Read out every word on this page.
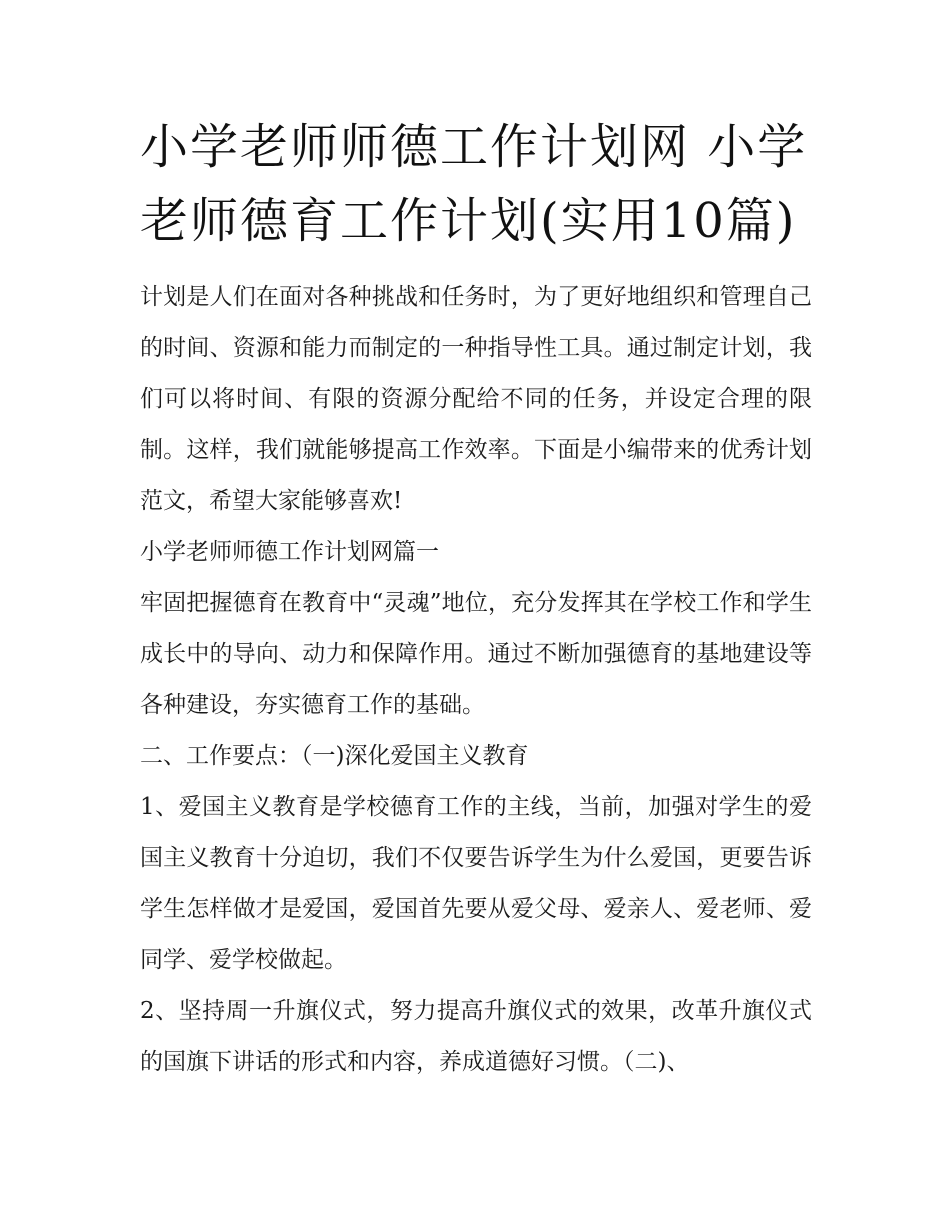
小学老师师德工作计划网 小学老师德育工作计划(实用10篇)

计划是人们在面对各种挑战和任务时，为了更好地组织和管理自己的时间、资源和能力而制定的一种指导性工具。通过制定计划，我们可以将时间、有限的资源分配给不同的任务，并设定合理的限制。这样，我们就能够提高工作效率。下面是小编带来的优秀计划范文，希望大家能够喜欢!

小学老师师德工作计划网篇一

牢固把握德育在教育中“灵魂”地位，充分发挥其在学校工作和学生成长中的导向、动力和保障作用。通过不断加强德育的基地建设等各种建设，夯实德育工作的基础。

二、工作要点：（一)深化爱国主义教育

1、爱国主义教育是学校德育工作的主线，当前，加强对学生的爱国主义教育十分迫切，我们不仅要告诉学生为什么爱国，更要告诉学生怎样做才是爱国，爱国首先要从爱父母、爱亲人、爱老师、爱同学、爱学校做起。

2、坚持周一升旗仪式，努力提高升旗仪式的效果，改革升旗仪式的国旗下讲话的形式和内容，养成道德好习惯。（二)、
